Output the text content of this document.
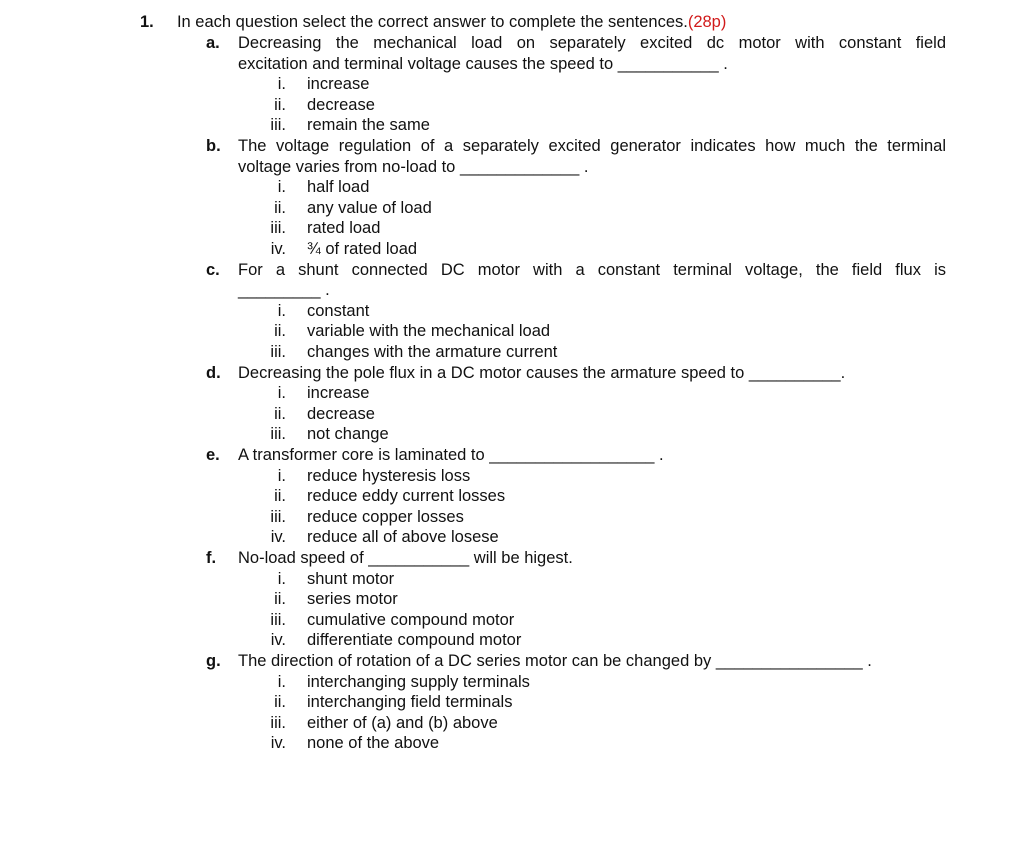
1. In each question select the correct answer to complete the sentences.(28p)
a. Decreasing the mechanical load on separately excited dc motor with constant field
excitation and terminal voltage causes the speed to ___________ .
i. increase
ii. decrease
iii. remain the same
b. The voltage regulation of a separately excited generator indicates how much the terminal
voltage varies from no-load to _____________ .
i. half load
ii. any value of load
iii. rated load
iv. ¾ of rated load
c. For a shunt connected DC motor with a constant terminal voltage, the field flux is
_________ .
i. constant
ii. variable with the mechanical load
iii. changes with the armature current
d. Decreasing the pole flux in a DC motor causes the armature speed to __________.
i. increase
ii. decrease
iii. not change
e. A transformer core is laminated to __________________ .
i. reduce hysteresis loss
ii. reduce eddy current losses
iii. reduce copper losses
iv. reduce all of above losese
f. No-load speed of ___________ will be higest.
i. shunt motor
ii. series motor
iii. cumulative compound motor
iv. differentiate compound motor
g. The direction of rotation of a DC series motor can be changed by ________________ .
i. interchanging supply terminals
ii. interchanging field terminals
iii. either of (a) and (b) above
iv. none of the above
